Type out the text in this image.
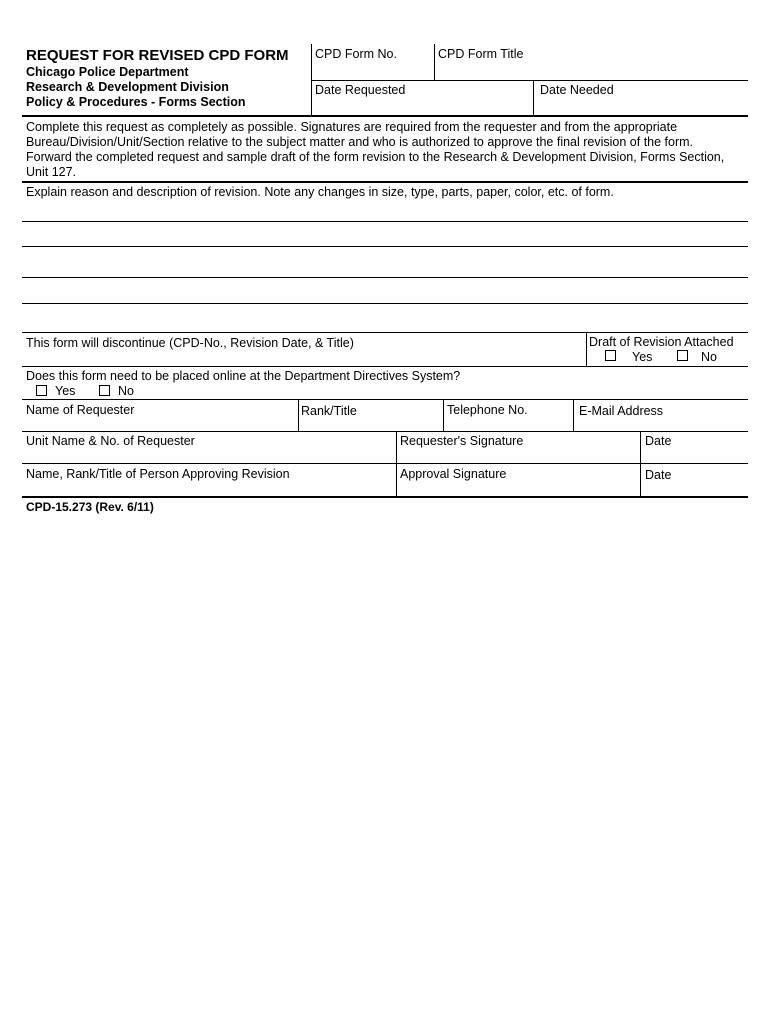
REQUEST FOR REVISED CPD FORM
Chicago Police Department
Research & Development Division
Policy & Procedures - Forms Section
CPD Form No.	CPD Form Title
Date Requested	Date Needed
Complete this request as completely as possible. Signatures are required from the requester and from the appropriate
Bureau/Division/Unit/Section relative to the subject matter and who is authorized to approve the final revision of the form.
Forward the completed request and sample draft of the form revision to the Research & Development Division, Forms Section,
Unit 127.
Explain reason and description of revision. Note any changes in size, type, parts, paper, color, etc. of form.
This form will discontinue (CPD-No., Revision Date, & Title)	Draft of Revision Attached
Yes	No
Does this form need to be placed online at the Department Directives System?
Yes	No
Name of Requester	Rank/Title	Telephone No.	E-Mail Address
Unit Name & No. of Requester	Requester's Signature	Date
Name, Rank/Title of Person Approving Revision	Approval Signature	Date
CPD-15.273 (Rev. 6/11)
